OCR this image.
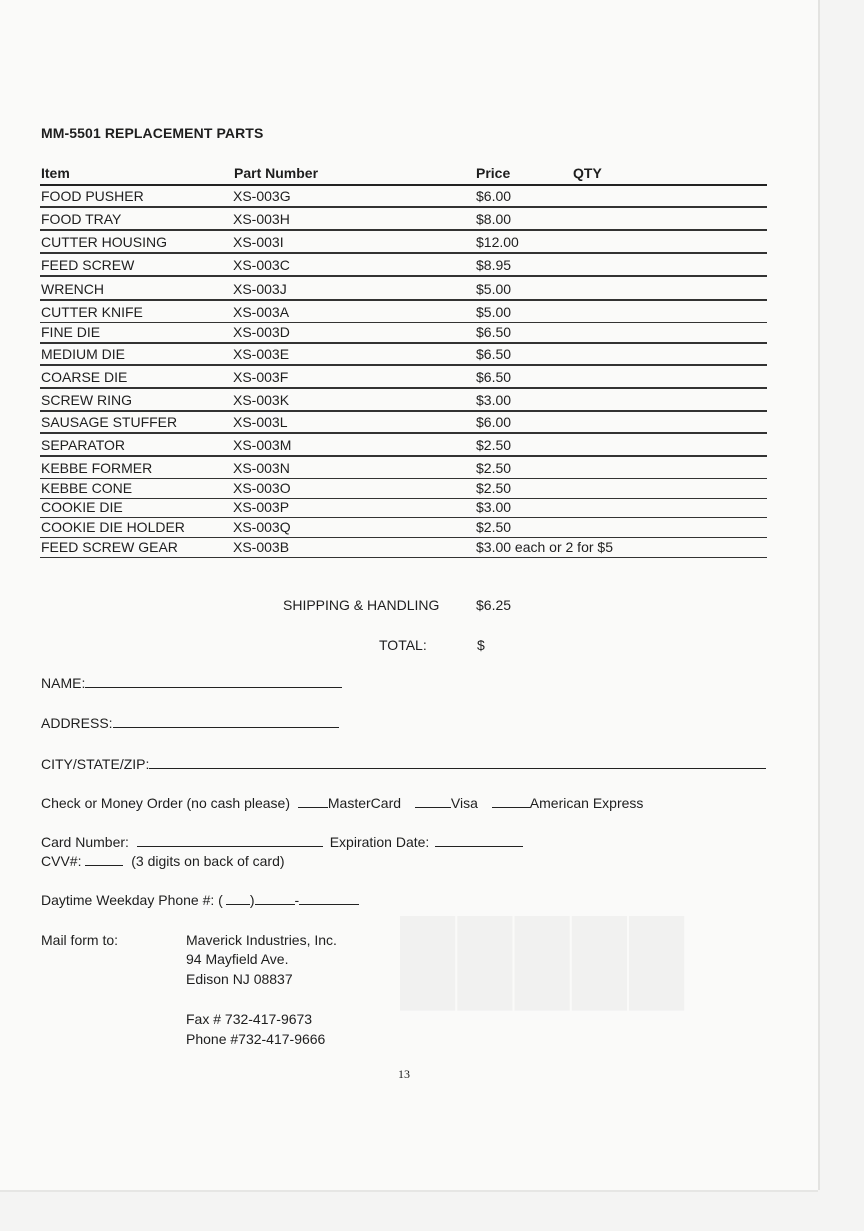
MM-5501 REPLACEMENT PARTS
Item	Part Number	Price	QTY
FOOD PUSHER	XS-003G	$6.00
FOOD TRAY	XS-003H	$8.00
CUTTER HOUSING	XS-003I	$12.00
FEED SCREW	XS-003C	$8.95
WRENCH	XS-003J	$5.00
CUTTER KNIFE	XS-003A	$5.00
FINE DIE	XS-003D	$6.50
MEDIUM DIE	XS-003E	$6.50
COARSE DIE	XS-003F	$6.50
SCREW RING	XS-003K	$3.00
SAUSAGE STUFFER	XS-003L	$6.00
SEPARATOR	XS-003M	$2.50
KEBBE FORMER	XS-003N	$2.50
KEBBE CONE	XS-003O	$2.50
COOKIE DIE	XS-003P	$3.00
COOKIE DIE HOLDER	XS-003Q	$2.50
FEED SCREW GEAR	XS-003B	$3.00 each or 2 for $5
SHIPPING & HANDLING	$6.25
TOTAL:	$
NAME:
ADDRESS:
CITY/STATE/ZIP:
Check or Money Order (no cash please)	MasterCard	Visa	American Express
Card Number:	Expiration Date:
CVV#:	(3 digits on back of card)
Daytime Weekday Phone #: ( )	-
Mail form to:	Maverick Industries, Inc.
94 Mayfield Ave.
Edison NJ 08837
Fax # 732-417-9673
Phone #732-417-9666
13
